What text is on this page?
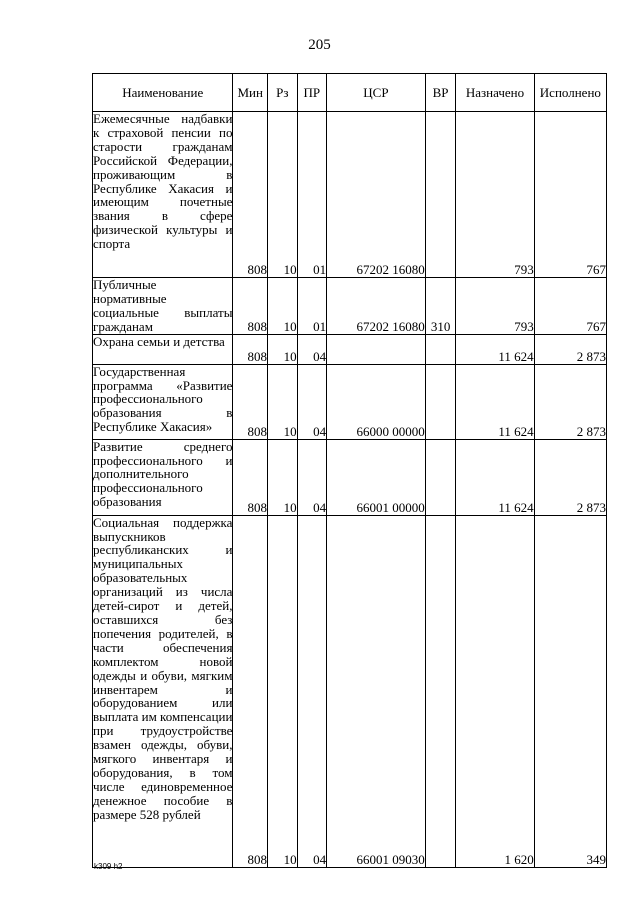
205
Наименование	Мин	Рз	ПР	ЦСР	ВР	Назначено	Исполнено
Ежемесячные надбавки к страховой пенсии по старости гражданам Российской Федерации, проживающим в Республике Хакасия и имеющим почетные звания в сфере физической культуры и спорта	808	10	01	67202 16080		793	767
Публичные нормативные социальные выплаты гражданам	808	10	01	67202 16080	310	793	767
Охрана семьи и детства	808	10	04			11 624	2 873
Государственная программа «Развитие профессионального образования в Республике Хакасия»	808	10	04	66000 00000		11 624	2 873
Развитие среднего профессионального и дополнительного профессионального образования	808	10	04	66001 00000		11 624	2 873
Социальная поддержка выпускников республиканских и муниципальных образовательных организаций из числа детей-сирот и детей, оставшихся без попечения родителей, в части обеспечения комплектом новой одежды и обуви, мягким инвентарем и оборудованием или выплата им компенсации при трудоустройстве взамен одежды, обуви, мягкого инвентаря и оборудования, в том числе единовременное денежное пособие в размере 528 рублей	808	10	04	66001 09030		1 620	349
k309 h2
